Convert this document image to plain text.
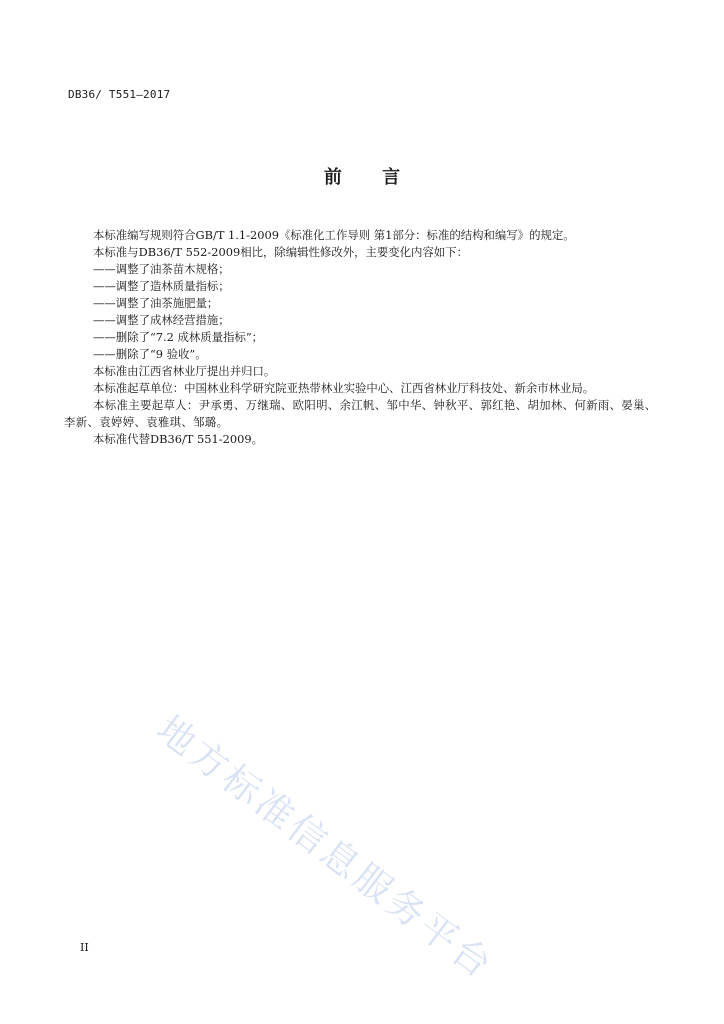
DB36/ T551—2017
前 言
本标准编写规则符合GB/T 1.1-2009《标准化工作导则 第1部分：标准的结构和编写》的规定。
本标准与DB36/T 552-2009相比，除编辑性修改外，主要变化内容如下：
——调整了油茶苗木规格；
——调整了造林质量指标；
——调整了油茶施肥量；
——调整了成林经营措施；
——删除了“7.2 成林质量指标”；
——删除了“9 验收”。
本标准由江西省林业厅提出并归口。
本标准起草单位：中国林业科学研究院亚热带林业实验中心、江西省林业厅科技处、新余市林业局。
本标准主要起草人：尹承勇、万继瑞、欧阳明、余江帆、邹中华、钟秋平、郭红艳、胡加林、何新雨、晏巢、李新、袁婷婷、袁雅琪、邹璐。
本标准代替DB36/T 551-2009。
地方标准信息服务平台
II
